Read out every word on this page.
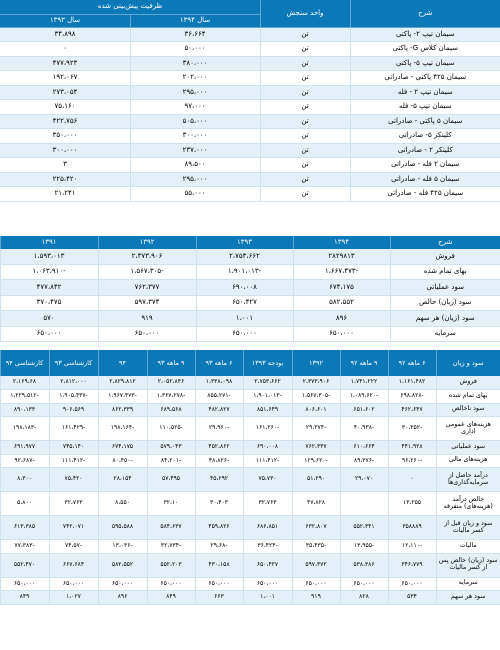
شرح	واحد سنجش	ظرفیت پیش‌بینی شده	
		سال ۱۳۹۴	سال ۱۳۹۳
سیمان تیپ ۲- پاکتی	تن	۳۶،۶۶۴	۳۴،۸۹۸
سیمان کلاس G- پاکتی	تن	۵۰،۰۰۰	۰
سیمان تیپ ۵- پاکتی	تن	۳۸۰،۰۰۰	۴۷۷،۹۲۴
سیمان ۴۲۵ پاکتی - صادراتی	تن	۲۰۲،۰۰۰	۱۹۲،۰۶۷
سیمان تیپ ۲ - فله	تن	۲۹۵،۰۰۰	۲۷۳،۰۵۴
سیمان تیپ ۵- فله	تن	۹۷،۰۰۰	۷۵،۱۶۰
سیمان ۵ پاکتی - صادراتی	تن	۵۰۵،۰۰۰	۴۲۲،۷۵۶
کلینکر ۵- صادراتی	تن	۳۰۰،۰۰۰	۳۵۰،۰۰۰
کلینکر ۲ - صادراتی	تن	۲۳۷،۰۰۰	۳۰۰،۰۰۰
سیمان ۲ فله - صادراتی	تن	۸۹،۵۰۰	۳
سیمان ۵ فله - صادراتی	تن	۲۹۵،۰۰۰	۲۲۵،۴۲۰
سیمان ۴۲۵ فله - صادراتی	تن	۵۵،۰۰۰	۲۱،۲۴۱
شرح	۱۳۹۴	۱۳۹۳	۱۳۹۲	۱۳۹۱
فروش	۲۸۲۹۸۱۳	۲،۷۵۳،۶۶۲	۲،۳۷۳،۹۰۶	۱،۵۹۳،۰۱۳
بهای تمام شده	-۱،۶۶۷،۴۷۳	-۱،۹۰۱،۰۱۳	-۱،۵۶۷،۳۰۵	-۱،۰۶۳،۹۱۰
سود عملیاتی	۶۷۴،۱۷۵	۶۹۰،۰۰۸	۷۶۲،۳۷۷	۴۷۷،۸۴۲
سود (زیان) خالص	۵۸۲،۵۵۲	۶۵۰،۴۲۷	۵۹۷،۳۷۴	۳۷۰،۴۷۵
سود (زیان) هر سهم	۸۹۶	۱،۰۰۱	۹۱۹	۵۷۰
سرمایه	۶۵۰،۰۰۰	۶۵۰،۰۰۰	۶۵۰،۰۰۰	۶۵۰،۰۰۰
سود و زیان	۶ ماهه ۹۲	۹ ماهه ۹۲	۱۳۹۲	بودجه ۱۳۹۳	۶ ماهه ۹۳	۹ ماهه ۹۳	۹۴	کارشناسی ۹۳	کارشناسی ۹۴
فروش	۱،۱۶۱،۴۸۲	۱،۷۴۱،۲۲۲	۲،۳۷۳،۹۰۶	۲،۷۵۳،۶۶۲	۱،۳۳۸،۰۹۸	۲،۰۵۲،۸۴۶	۲،۸۲۹،۸۱۲	۲،۸۱۲،۰۰۰	۲،۱۶۹،۶۸
بهای تمام شده	-۶۹۸،۸۲۸	-۱،۰۸۹،۶۲۰	-۱،۵۶۷،۳۰۵	-۱،۹۰۱،۰۱۳	-۸۵۵،۲۷۱	-۱،۳۶۷،۲۷۸	-۱،۹۶۷،۴۷۳	-۱،۹۰۵،۴۳۷	-۱،۲۲۹،۵۱۲
سود ناخالص	۴۶۲،۶۴۷	۶۵۱،۶۰۲	۸۰۶،۶۰۱	۸۵۱،۶۴۹	۴۸۲،۸۲۷	۶۸۹،۵۶۸	۸۶۲،۳۳۹	۹۰۶،۵۶۹	۸۹۰،۱۳۳
هزینه‌های عمومی اداری	-۳۰،۳۵۲	-۴۰،۹۳۸	-۲۹،۳۷۴	-۱۶۱،۲۶۰	-۲۹،۹۶۰	-۱۱۰،۵۲۵	-۱۹۸،۱۶۴	-۱۶۱،۴۲۹	-۱۹۸،۱۸۳
سود عملیاتی	۴۴۱،۹۲۸	۶۱۰،۶۶۴	۷۶۲،۳۳۷	۶۹۰،۰۰۸	۴۵۲،۸۶۲	۵۷۹،۰۴۳	۶۷۴،۱۷۵	۷۴۵،۱۴۰	۶۹۱،۹۷۷
هزینه‌های مالی	-۹۶،۲۶۰	-۸۹،۳۷۶	-۱۲۹،۶۲۰	-۱۱۱،۴۱۲	-۴۸،۸۲۶	-۸۴،۲۰۱	-۸۰،۴۵۰	-۱۱۱،۴۱۲	-۹۲،۶۸۷
درآمد حاصل از سرمایه‌گذاری‌ها	۰	۲۹،۰۷۰	۵۱،۲۹۰	۷۵،۷۳۰	۴۵،۲۹۲	۵۷،۴۹۵	۲۸،۱۵۴	۷۵،۴۲۰	۸،۳۰۰
خالص درآمد (هزینه‌های) متفرقه	۱۳،۲۵۵		۴۷،۸۲۸	۳۲،۷۶۳	۳۰،۴۰۳	۳۲،۱۰	۸،۵۵۰	۳۲،۷۶۳	۵،۸۰۰
سود و زیان قبل از کسر مالیات	۳۵۸۸۸۹	۵۵۲،۳۴۱	۶۳۲،۸۰۷	۶۸۶،۸۵۱	۴۵۹،۸۲۶	۵۸۴،۶۳۷	۵۹۵،۵۸۸	۷۴۲،۰۷۱	۶۱۳،۳۸۵
مالیات	-۱۲،۱۱۰	-۱۳،۹۵۵	-۳۵،۴۳۵	-۳۶،۴۲۴	-۲۹،۶۸	-۳۲،۷۳۴	-۱۳،۰۳۶	-۷۴،۵۷	-۷۷،۳۸۳
سود (زیان) خالص پس از کسر مالیات	۳۴۶،۷۷۹	۵۳۸،۳۸۶	۵۹۷،۳۷۲	۶۵۰،۴۲۷	۴۳۰،۱۵۸	۵۵۲،۲۰۳	۵۸۲،۵۵۲	۶۶۷،۶۸۴	۵۵۲،۴۷۰
سرمایه	۶۵۰،۰۰۰	۶۵۰،۰۰۰	۶۵۰،۰۰۰	۶۵۰،۰۰۰	۶۵۰،۰۰۰	۶۵۰،۰۰۰	۶۵۰،۰۰۰	۶۵۰،۰۰۰	۶۵۰،۰۰۰
سود هر سهم	۵۳۴	۸۲۸	۹۱۹	۱،۰۰۱	۶۶۳	۸۴۹	۸۹۶	۱،۰۲۷	۸۴۹
